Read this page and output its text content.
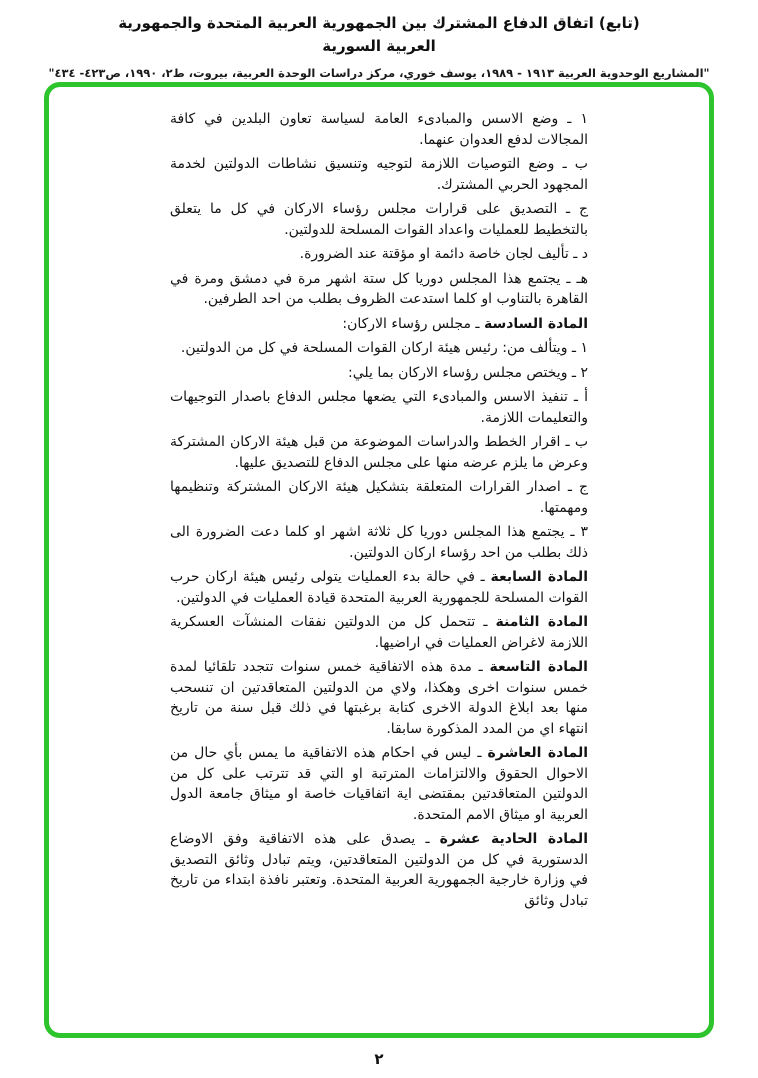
(تابع) اتفاق الدفاع المشترك بين الجمهورية العربية المتحدة والجمهورية العربية السورية
"المشاريع الوحدوية العربية ١٩١٣ - ١٩٨٩، يوسف خوري، مركز دراسات الوحدة العربية، بيروت، ط٢، ١٩٩٠، ص٤٢٣- ٤٣٤"

١ ـ وضع الاسس والمبادىء العامة لسياسة تعاون البلدين في كافة المجالات لدفع العدوان عنهما.

ب ـ وضع التوصيات اللازمة لتوجيه وتنسيق نشاطات الدولتين لخدمة المجهود الحربي المشترك.

ج ـ التصديق على قرارات مجلس رؤساء الاركان في كل ما يتعلق بالتخطيط للعمليات واعداد القوات المسلحة للدولتين.

د ـ تأليف لجان خاصة دائمة او مؤقتة عند الضرورة.

هـ ـ يجتمع هذا المجلس دوريا كل ستة اشهر مرة في دمشق ومرة في القاهرة بالتناوب او كلما استدعت الظروف بطلب من احد الطرفين.

المادة السادسة ـ مجلس رؤساء الاركان:

١ ـ ويتألف من: رئيس هيئة اركان القوات المسلحة في كل من الدولتين.

٢ ـ ويختص مجلس رؤساء الاركان بما يلي:

أ ـ تنفيذ الاسس والمبادىء التي يضعها مجلس الدفاع باصدار التوجيهات والتعليمات اللازمة.

ب ـ اقرار الخطط والدراسات الموضوعة من قبل هيئة الاركان المشتركة وعرض ما يلزم عرضه منها على مجلس الدفاع للتصديق عليها.

ج ـ اصدار القرارات المتعلقة بتشكيل هيئة الاركان المشتركة وتنظيمها ومهمتها.

٣ ـ يجتمع هذا المجلس دوريا كل ثلاثة اشهر او كلما دعت الضرورة الى ذلك بطلب من احد رؤساء اركان الدولتين.

المادة السابعة ـ في حالة بدء العمليات يتولى رئيس هيئة اركان حرب القوات المسلحة للجمهورية العربية المتحدة قيادة العمليات في الدولتين.

المادة الثامنة ـ تتحمل كل من الدولتين نفقات المنشآت العسكرية اللازمة لاغراض العمليات في اراضيها.

المادة التاسعة ـ مدة هذه الاتفاقية خمس سنوات تتجدد تلقائيا لمدة خمس سنوات اخرى وهكذا، ولاي من الدولتين المتعاقدتين ان تنسحب منها بعد ابلاغ الدولة الاخرى كتابة برغبتها في ذلك قبل سنة من تاريخ انتهاء اي من المدد المذكورة سابقا.

المادة العاشرة ـ ليس في احكام هذه الاتفاقية ما يمس بأي حال من الاحوال الحقوق والالتزامات المترتبة او التي قد تترتب على كل من الدولتين المتعاقدتين بمقتضى اية اتفاقيات خاصة او ميثاق جامعة الدول العربية او ميثاق الامم المتحدة.

المادة الحادية عشرة ـ يصدق على هذه الاتفاقية وفق الاوضاع الدستورية في كل من الدولتين المتعاقدتين، ويتم تبادل وثائق التصديق في وزارة خارجية الجمهورية العربية المتحدة. وتعتبر نافذة ابتداء من تاريخ تبادل وثائق

٢
